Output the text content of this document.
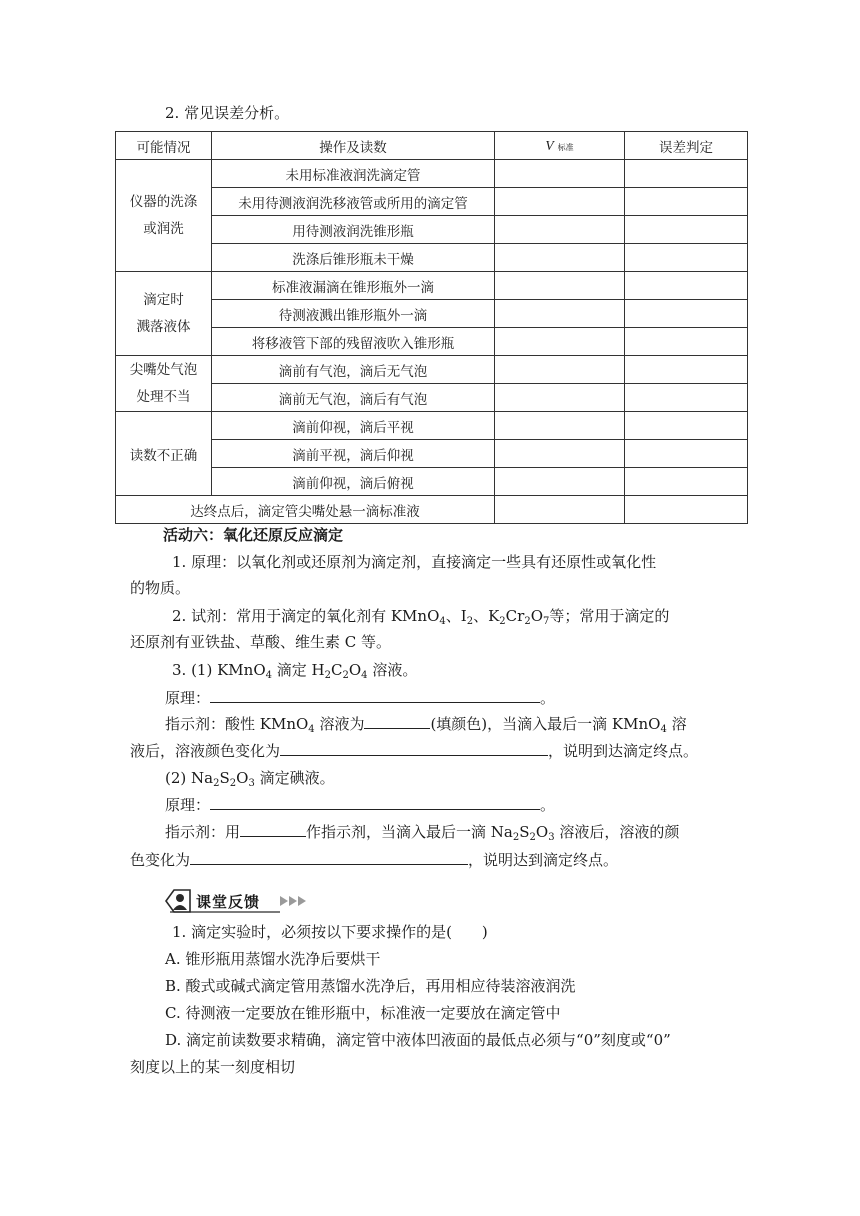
2. 常见误差分析。
可能情况	操作及读数	V 标准	误差判定

仪器的洗涤
或润洗	未用标准液润洗滴定管		
	未用待测液润洗移液管或所用的滴定管		
	用待测液润洗锥形瓶		
	洗涤后锥形瓶未干燥		

滴定时
溅落液体	标准液漏滴在锥形瓶外一滴		
	待测液溅出锥形瓶外一滴		
	将移液管下部的残留液吹入锥形瓶		

尖嘴处气泡
处理不当	滴前有气泡，滴后无气泡		
	滴前无气泡，滴后有气泡		
读数不正确	滴前仰视，滴后平视		
	滴前平视，滴后仰视		
	滴前仰视，滴后俯视		
达终点后，滴定管尖嘴处悬一滴标准液			
活动六：氧化还原反应滴定
1. 原理：以氧化剂或还原剂为滴定剂，直接滴定一些具有还原性或氧化性
的物质。
2. 试剂：常用于滴定的氧化剂有 KMnO$_4$、$I_2$、$K_2Cr_2O_7$等；常用于滴定的
还原剂有亚铁盐、草酸、维生素 C 等。
3. (1) KMnO$_4$ 滴定 $H_2C_2O_4$ 溶液。
原理：	。
指示剂：酸性 KMnO$_4$ 溶液为	(填颜色)，当滴入最后一滴 KMnO$_4$ 溶
液后，溶液颜色变化为	，说明到达滴定终点。
(2) $Na_2S_2O_3$ 滴定碘液。
原理：	。
指示剂：用	作指示剂，当滴入最后一滴 $Na_2S_2O_3$ 溶液后，溶液的颜
色变化为	，说明达到滴定终点。
课堂反馈
1. 滴定实验时，必须按以下要求操作的是(　　)
A. 锥形瓶用蒸馏水洗净后要烘干
B. 酸式或碱式滴定管用蒸馏水洗净后，再用相应待装溶液润洗
C. 待测液一定要放在锥形瓶中，标准液一定要放在滴定管中
D. 滴定前读数要求精确，滴定管中液体凹液面的最低点必须与“0”刻度或“0”
刻度以上的某一刻度相切
